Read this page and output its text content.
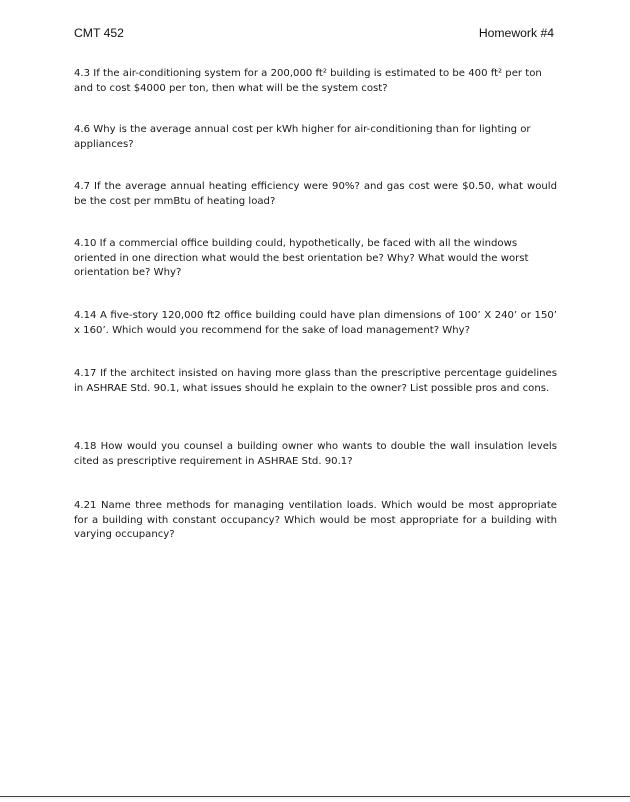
CMT 452	Homework #4

4.3 If the air-conditioning system for a 200,000 ft² building is estimated to be 400 ft² per ton and to cost $4000 per ton, then what will be the system cost?

4.6 Why is the average annual cost per kWh higher for air-conditioning than for lighting or appliances?

4.7 If the average annual heating efficiency were 90%? and gas cost were $0.50, what would be the cost per mmBtu of heating load?

4.10 If a commercial office building could, hypothetically, be faced with all the windows oriented in one direction what would the best orientation be? Why? What would the worst orientation be? Why?

4.14 A five-story 120,000 ft2 office building could have plan dimensions of 100’ X 240’ or 150’ x 160’. Which would you recommend for the sake of load management? Why?

4.17 If the architect insisted on having more glass than the prescriptive percentage guidelines in ASHRAE Std. 90.1, what issues should he explain to the owner? List possible pros and cons.

4.18 How would you counsel a building owner who wants to double the wall insulation levels cited as prescriptive requirement in ASHRAE Std. 90.1?

4.21 Name three methods for managing ventilation loads. Which would be most appropriate for a building with constant occupancy? Which would be most appropriate for a building with varying occupancy?
